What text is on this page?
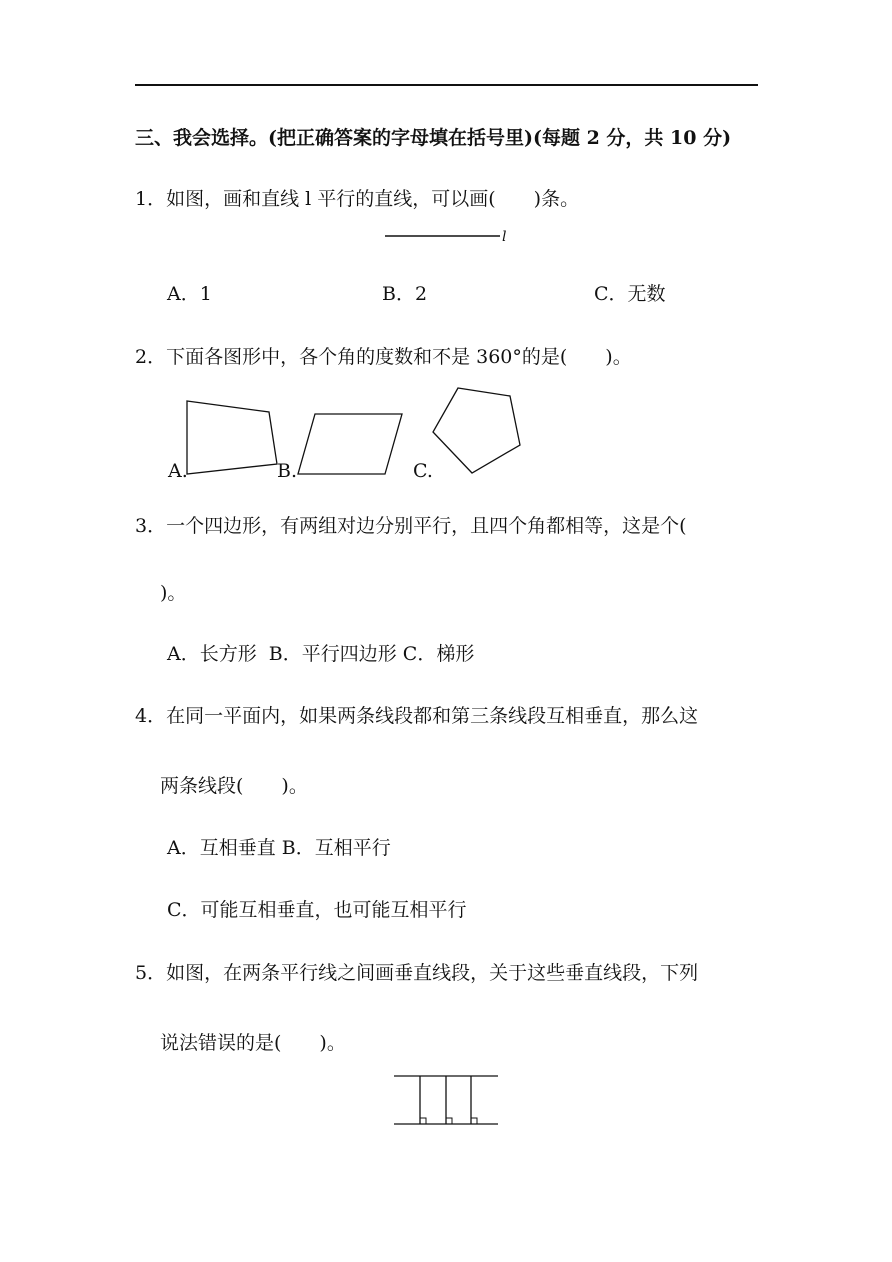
三、我会选择。(把正确答案的字母填在括号里)(每题 2 分，共 10 分)
1．如图，画和直线 l 平行的直线，可以画(　　)条。
l
A．1	B．2	C．无数
2．下面各图形中，各个角的度数和不是 360°的是(　　)。
A.	B.	C.
3．一个四边形，有两组对边分别平行，且四个角都相等，这是个(
)。
A．长方形  B．平行四边形 C．梯形
4．在同一平面内，如果两条线段都和第三条线段互相垂直，那么这
两条线段(　　)。
A．互相垂直 B．互相平行
C．可能互相垂直，也可能互相平行
5．如图，在两条平行线之间画垂直线段，关于这些垂直线段，下列
说法错误的是(　　)。
